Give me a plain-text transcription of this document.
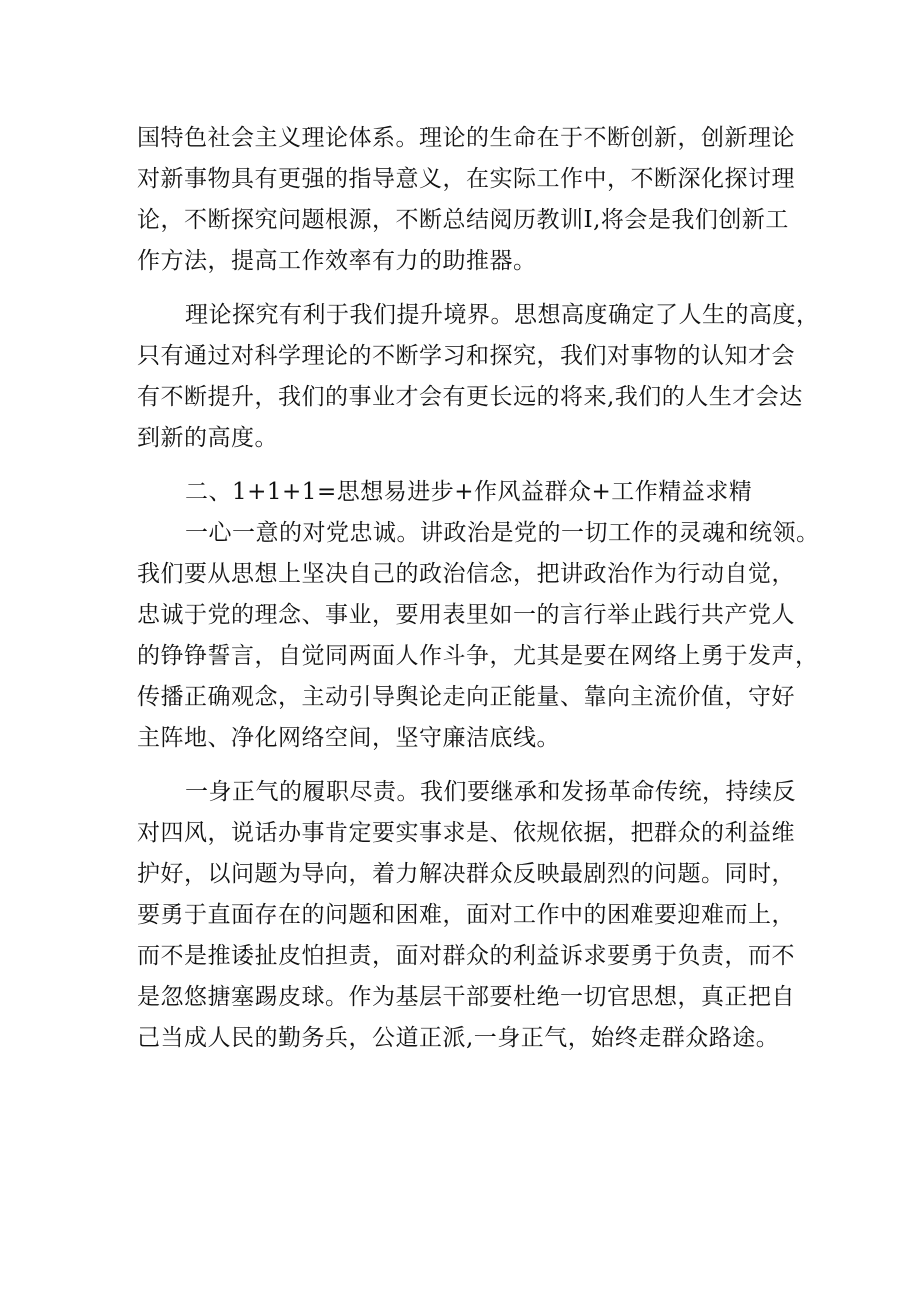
国特色社会主义理论体系。理论的生命在于不断创新，创新理论
对新事物具有更强的指导意义，在实际工作中，不断深化探讨理
论，不断探究问题根源，不断总结阅历教训I,将会是我们创新工
作方法，提高工作效率有力的助推器。
理论探究有利于我们提升境界。思想高度确定了人生的高度，
只有通过对科学理论的不断学习和探究，我们对事物的认知才会
有不断提升，我们的事业才会有更长远的将来,我们的人生才会达
到新的高度。
二、1+1+1=思想易进步+作风益群众+工作精益求精
一心一意的对党忠诚。讲政治是党的一切工作的灵魂和统领。
我们要从思想上坚决自己的政治信念，把讲政治作为行动自觉，
忠诚于党的理念、事业，要用表里如一的言行举止践行共产党人
的铮铮誓言，自觉同两面人作斗争，尤其是要在网络上勇于发声，
传播正确观念，主动引导舆论走向正能量、靠向主流价值，守好
主阵地、净化网络空间，坚守廉洁底线。
一身正气的履职尽责。我们要继承和发扬革命传统，持续反
对四风，说话办事肯定要实事求是、依规依据，把群众的利益维
护好，以问题为导向，着力解决群众反映最剧烈的问题。同时，
要勇于直面存在的问题和困难，面对工作中的困难要迎难而上，
而不是推诿扯皮怕担责，面对群众的利益诉求要勇于负责，而不
是忽悠搪塞踢皮球。作为基层干部要杜绝一切官思想，真正把自
己当成人民的勤务兵，公道正派,一身正气，始终走群众路途。
